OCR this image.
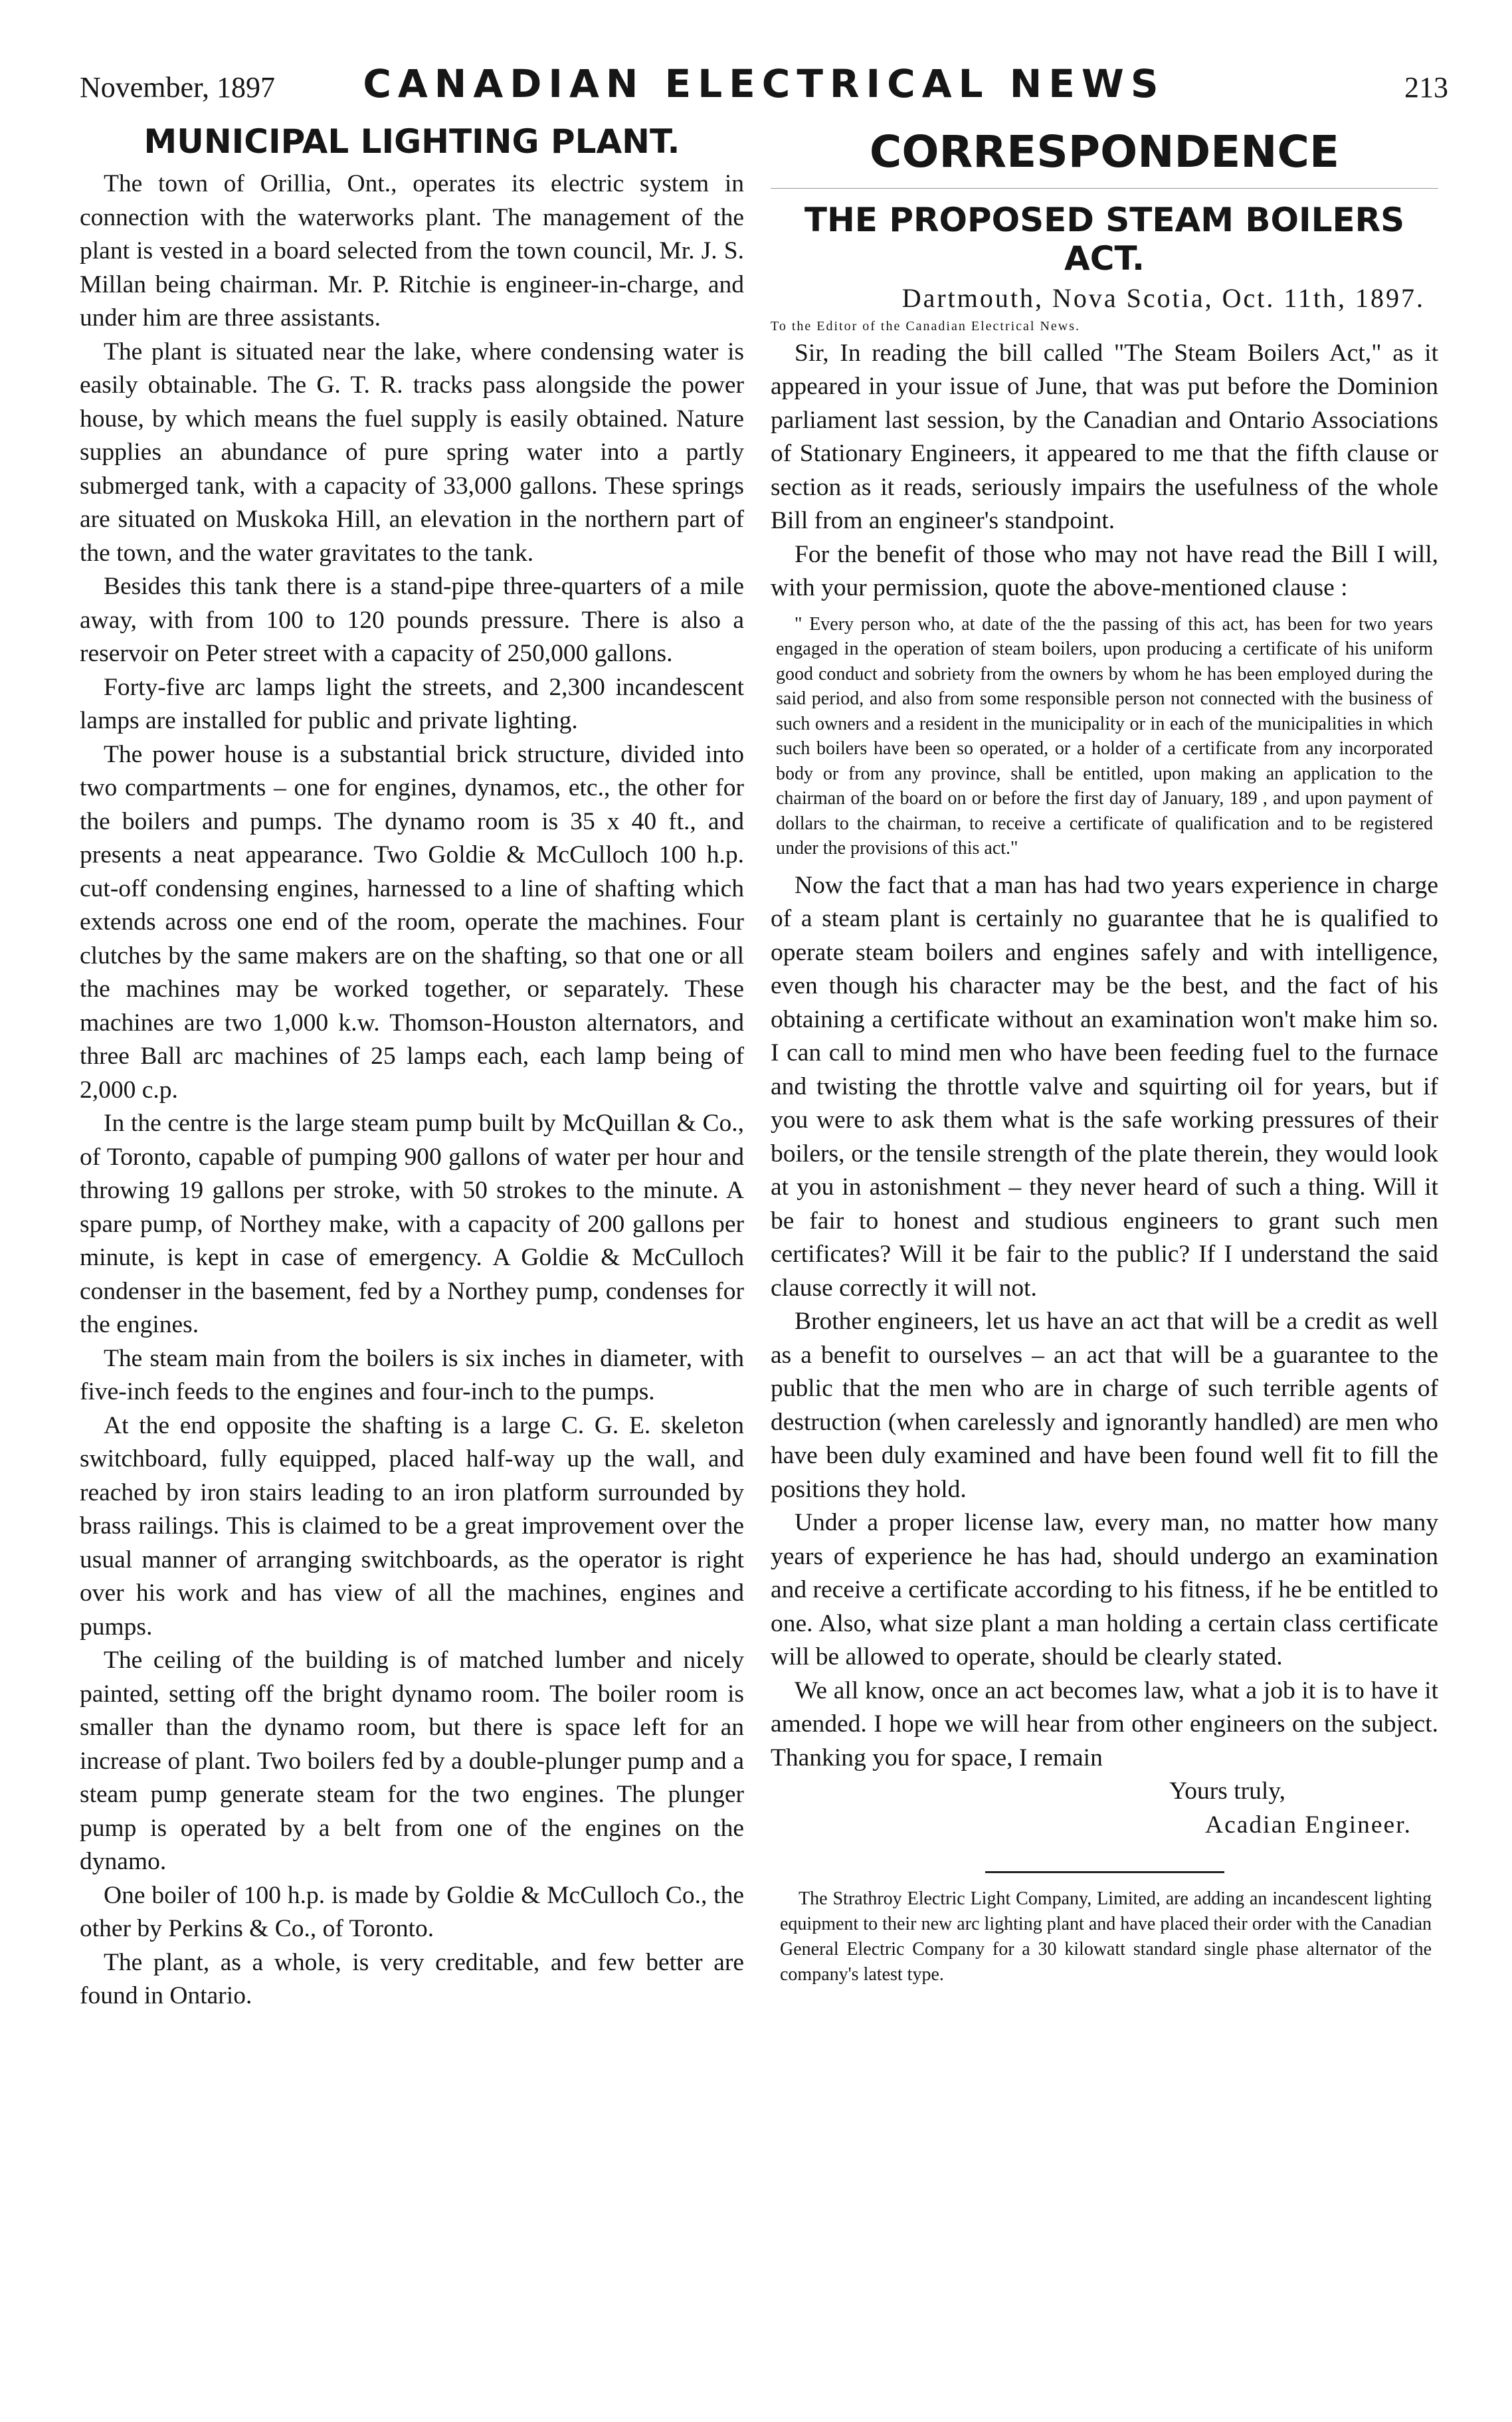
November, 1897	CANADIAN ELECTRICAL NEWS	213
MUNICIPAL LIGHTING PLANT.

The town of Orillia, Ont., operates its electric system in connection with the waterworks plant. The management of the plant is vested in a board selected from the town council, Mr. J. S. Millan being chairman. Mr. P. Ritchie is engineer-in-charge, and under him are three assistants.

The plant is situated near the lake, where condensing water is easily obtainable. The G. T. R. tracks pass alongside the power house, by which means the fuel supply is easily obtained. Nature supplies an abundance of pure spring water into a partly submerged tank, with a capacity of 33,000 gallons. These springs are situated on Muskoka Hill, an elevation in the northern part of the town, and the water gravitates to the tank.

Besides this tank there is a stand-pipe three-quarters of a mile away, with from 100 to 120 pounds pressure. There is also a reservoir on Peter street with a capacity of 250,000 gallons.

Forty-five arc lamps light the streets, and 2,300 incandescent lamps are installed for public and private lighting.

The power house is a substantial brick structure, divided into two compartments – one for engines, dynamos, etc., the other for the boilers and pumps. The dynamo room is 35 x 40 ft., and presents a neat appearance. Two Goldie & McCulloch 100 h.p. cut-off condensing engines, harnessed to a line of shafting which extends across one end of the room, operate the machines. Four clutches by the same makers are on the shafting, so that one or all the machines may be worked together, or separately. These machines are two 1,000 k.w. Thomson-Houston alternators, and three Ball arc machines of 25 lamps each, each lamp being of 2,000 c.p.

In the centre is the large steam pump built by McQuillan & Co., of Toronto, capable of pumping 900 gallons of water per hour and throwing 19 gallons per stroke, with 50 strokes to the minute. A spare pump, of Northey make, with a capacity of 200 gallons per minute, is kept in case of emergency. A Goldie & McCulloch condenser in the basement, fed by a Northey pump, condenses for the engines.

The steam main from the boilers is six inches in diameter, with five-inch feeds to the engines and four-inch to the pumps.

At the end opposite the shafting is a large C. G. E. skeleton switchboard, fully equipped, placed half-way up the wall, and reached by iron stairs leading to an iron platform surrounded by brass railings. This is claimed to be a great improvement over the usual manner of arranging switchboards, as the operator is right over his work and has view of all the machines, engines and pumps.

The ceiling of the building is of matched lumber and nicely painted, setting off the bright dynamo room. The boiler room is smaller than the dynamo room, but there is space left for an increase of plant. Two boilers fed by a double-plunger pump and a steam pump generate steam for the two engines. The plunger pump is operated by a belt from one of the engines on the dynamo.

One boiler of 100 h.p. is made by Goldie & McCulloch Co., the other by Perkins & Co., of Toronto.

The plant, as a whole, is very creditable, and few better are found in Ontario.

CORRESPONDENCE
THE PROPOSED STEAM BOILERS ACT.

Dartmouth, Nova Scotia, Oct. 11th, 1897.

To the Editor of the Canadian Electrical News.

Sir, In reading the bill called "The Steam Boilers Act," as it appeared in your issue of June, that was put before the Dominion parliament last session, by the Canadian and Ontario Associations of Stationary Engineers, it appeared to me that the fifth clause or section as it reads, seriously impairs the usefulness of the whole Bill from an engineer's standpoint.

For the benefit of those who may not have read the Bill I will, with your permission, quote the above-mentioned clause :

" Every person who, at date of the the passing of this act, has been for two years engaged in the operation of steam boilers, upon producing a certificate of his uniform good conduct and sobriety from the owners by whom he has been employed during the said period, and also from some responsible person not connected with the business of such owners and a resident in the municipality or in each of the municipalities in which such boilers have been so operated, or a holder of a certificate from any incorporated body or from any province, shall be entitled, upon making an application to the chairman of the board on or before the first day of January, 189 , and upon payment of dollars to the chairman, to receive a certificate of qualification and to be registered under the provisions of this act."

Now the fact that a man has had two years experience in charge of a steam plant is certainly no guarantee that he is qualified to operate steam boilers and engines safely and with intelligence, even though his character may be the best, and the fact of his obtaining a certificate without an examination won't make him so. I can call to mind men who have been feeding fuel to the furnace and twisting the throttle valve and squirting oil for years, but if you were to ask them what is the safe working pressures of their boilers, or the tensile strength of the plate therein, they would look at you in astonishment – they never heard of such a thing. Will it be fair to honest and studious engineers to grant such men certificates? Will it be fair to the public? If I understand the said clause correctly it will not.

Brother engineers, let us have an act that will be a credit as well as a benefit to ourselves – an act that will be a guarantee to the public that the men who are in charge of such terrible agents of destruction (when carelessly and ignorantly handled) are men who have been duly examined and have been found well fit to fill the positions they hold.

Under a proper license law, every man, no matter how many years of experience he has had, should undergo an examination and receive a certificate according to his fitness, if he be entitled to one. Also, what size plant a man holding a certain class certificate will be allowed to operate, should be clearly stated.

We all know, once an act becomes law, what a job it is to have it amended. I hope we will hear from other engineers on the subject. Thanking you for space, I remain

Yours truly,

Acadian Engineer.

The Strathroy Electric Light Company, Limited, are adding an incandescent lighting equipment to their new arc lighting plant and have placed their order with the Canadian General Electric Company for a 30 kilowatt standard single phase alternator of the company's latest type.
